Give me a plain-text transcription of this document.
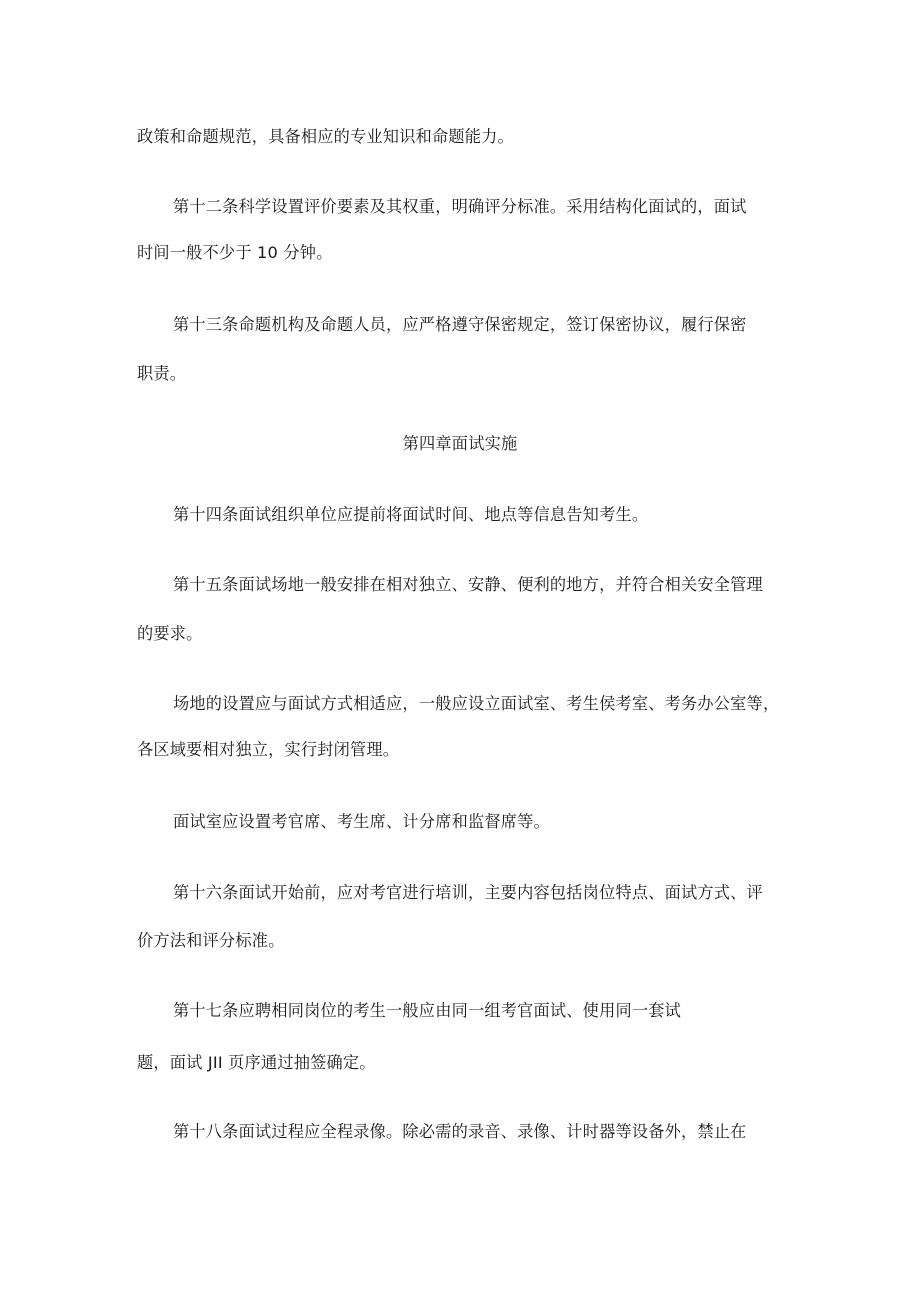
政策和命题规范，具备相应的专业知识和命题能力。

第十二条科学设置评价要素及其权重，明确评分标准。采用结构化面试的，面试

时间一般不少于 10 分钟。

第十三条命题机构及命题人员，应严格遵守保密规定，签订保密协议，履行保密

职责。

第四章面试实施

第十四条面试组织单位应提前将面试时间、地点等信息告知考生。

第十五条面试场地一般安排在相对独立、安静、便利的地方，并符合相关安全管理

的要求。

场地的设置应与面试方式相适应，一般应设立面试室、考生侯考室、考务办公室等，

各区域要相对独立，实行封闭管理。

面试室应设置考官席、考生席、计分席和监督席等。

第十六条面试开始前，应对考官进行培训，主要内容包括岗位特点、面试方式、评

价方法和评分标准。

第十七条应聘相同岗位的考生一般应由同一组考官面试、使用同一套试

题，面试 JII 页序通过抽签确定。

第十八条面试过程应全程录像。除必需的录音、录像、计时器等设备外，禁止在
